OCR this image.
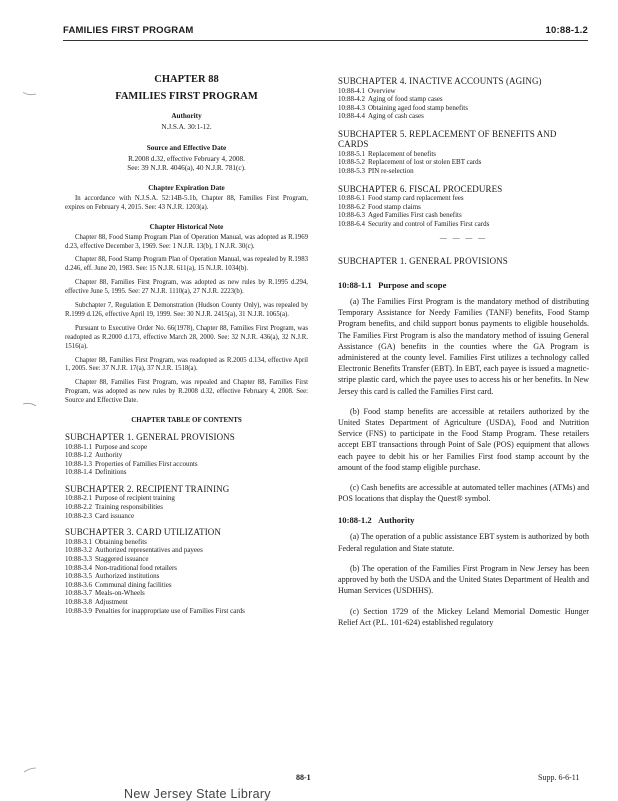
FAMILIES FIRST PROGRAM	10:88-1.2

CHAPTER 88

FAMILIES FIRST PROGRAM

Authority

N.J.S.A. 30:1-12.

Source and Effective Date

R.2008 d.32, effective February 4, 2008.

See: 39 N.J.R. 4046(a), 40 N.J.R. 781(c).

Chapter Expiration Date

In accordance with N.J.S.A. 52:14B-5.1b, Chapter 88, Families First Program, expires on February 4, 2015. See: 43 N.J.R. 1203(a).

Chapter Historical Note

Chapter 88, Food Stamp Program Plan of Operation Manual, was adopted as R.1969 d.23, effective December 3, 1969. See: 1 N.J.R. 13(b), 1 N.J.R. 30(c).

Chapter 88, Food Stamp Program Plan of Operation Manual, was repealed by R.1983 d.246, eff. June 20, 1983. See: 15 N.J.R. 611(a), 15 N.J.R. 1034(b).

Chapter 88, Families First Program, was adopted as new rules by R.1995 d.294, effective June 5, 1995. See: 27 N.J.R. 1110(a), 27 N.J.R. 2223(b).

Subchapter 7, Regulation E Demonstration (Hudson County Only), was repealed by R.1999 d.126, effective April 19, 1999. See: 30 N.J.R. 2415(a), 31 N.J.R. 1065(a).

Pursuant to Executive Order No. 66(1978), Chapter 88, Families First Program, was readopted as R.2000 d.173, effective March 28, 2000. See: 32 N.J.R. 436(a), 32 N.J.R. 1516(a).

Chapter 88, Families First Program, was readopted as R.2005 d.134, effective April 1, 2005. See: 37 N.J.R. 17(a), 37 N.J.R. 1518(a).

Chapter 88, Families First Program, was repealed and Chapter 88, Families First Program, was adopted as new rules by R.2008 d.32, effective February 4, 2008. See: Source and Effective Date.

CHAPTER TABLE OF CONTENTS

SUBCHAPTER 1. GENERAL PROVISIONS

10:88-1.1 Purpose and scope
10:88-1.2 Authority
10:88-1.3 Properties of Families First accounts
10:88-1.4 Definitions

SUBCHAPTER 2. RECIPIENT TRAINING

10:88-2.1 Purpose of recipient training
10:88-2.2 Training responsibilities
10:88-2.3 Card issuance

SUBCHAPTER 3. CARD UTILIZATION

10:88-3.1 Obtaining benefits
10:88-3.2 Authorized representatives and payees
10:88-3.3 Staggered issuance
10:88-3.4 Non-traditional food retailers
10:88-3.5 Authorized institutions
10:88-3.6 Communal dining facilities
10:88-3.7 Meals-on-Wheels
10:88-3.8 Adjustment
10:88-3.9 Penalties for inappropriate use of Families First cards

SUBCHAPTER 4. INACTIVE ACCOUNTS (AGING)

10:88-4.1 Overview
10:88-4.2 Aging of food stamp cases
10:88-4.3 Obtaining aged food stamp benefits
10:88-4.4 Aging of cash cases

SUBCHAPTER 5. REPLACEMENT OF BENEFITS AND CARDS

10:88-5.1 Replacement of benefits
10:88-5.2 Replacement of lost or stolen EBT cards
10:88-5.3 PIN re-selection

SUBCHAPTER 6. FISCAL PROCEDURES

10:88-6.1 Food stamp card replacement fees
10:88-6.2 Food stamp claims
10:88-6.3 Aged Families First cash benefits
10:88-6.4 Security and control of Families First cards

— — — —

SUBCHAPTER 1. GENERAL PROVISIONS

10:88-1.1 Purpose and scope

(a) The Families First Program is the mandatory method of distributing Temporary Assistance for Needy Families (TANF) benefits, Food Stamp Program benefits, and child support bonus payments to eligible households. The Families First Program is also the mandatory method of issuing General Assistance (GA) benefits in the counties where the GA Program is administered at the county level. Families First utilizes a technology called Electronic Benefits Transfer (EBT). In EBT, each payee is issued a magnetic-stripe plastic card, which the payee uses to access his or her benefits. In New Jersey this card is called the Families First card.

(b) Food stamp benefits are accessible at retailers authorized by the United States Department of Agriculture (USDA), Food and Nutrition Service (FNS) to participate in the Food Stamp Program. These retailers accept EBT transactions through Point of Sale (POS) equipment that allows each payee to debit his or her Families First food stamp account by the amount of the food stamp eligible purchase.

(c) Cash benefits are accessible at automated teller machines (ATMs) and POS locations that display the Quest® symbol.

10:88-1.2 Authority

(a) The operation of a public assistance EBT system is authorized by both Federal regulation and State statute.

(b) The operation of the Families First Program in New Jersey has been approved by both the USDA and the United States Department of Health and Human Services (USDHHS).

(c) Section 1729 of the Mickey Leland Memorial Domestic Hunger Relief Act (P.L. 101-624) established regulatory

88-1	Supp. 6-6-11
New Jersey State Library
